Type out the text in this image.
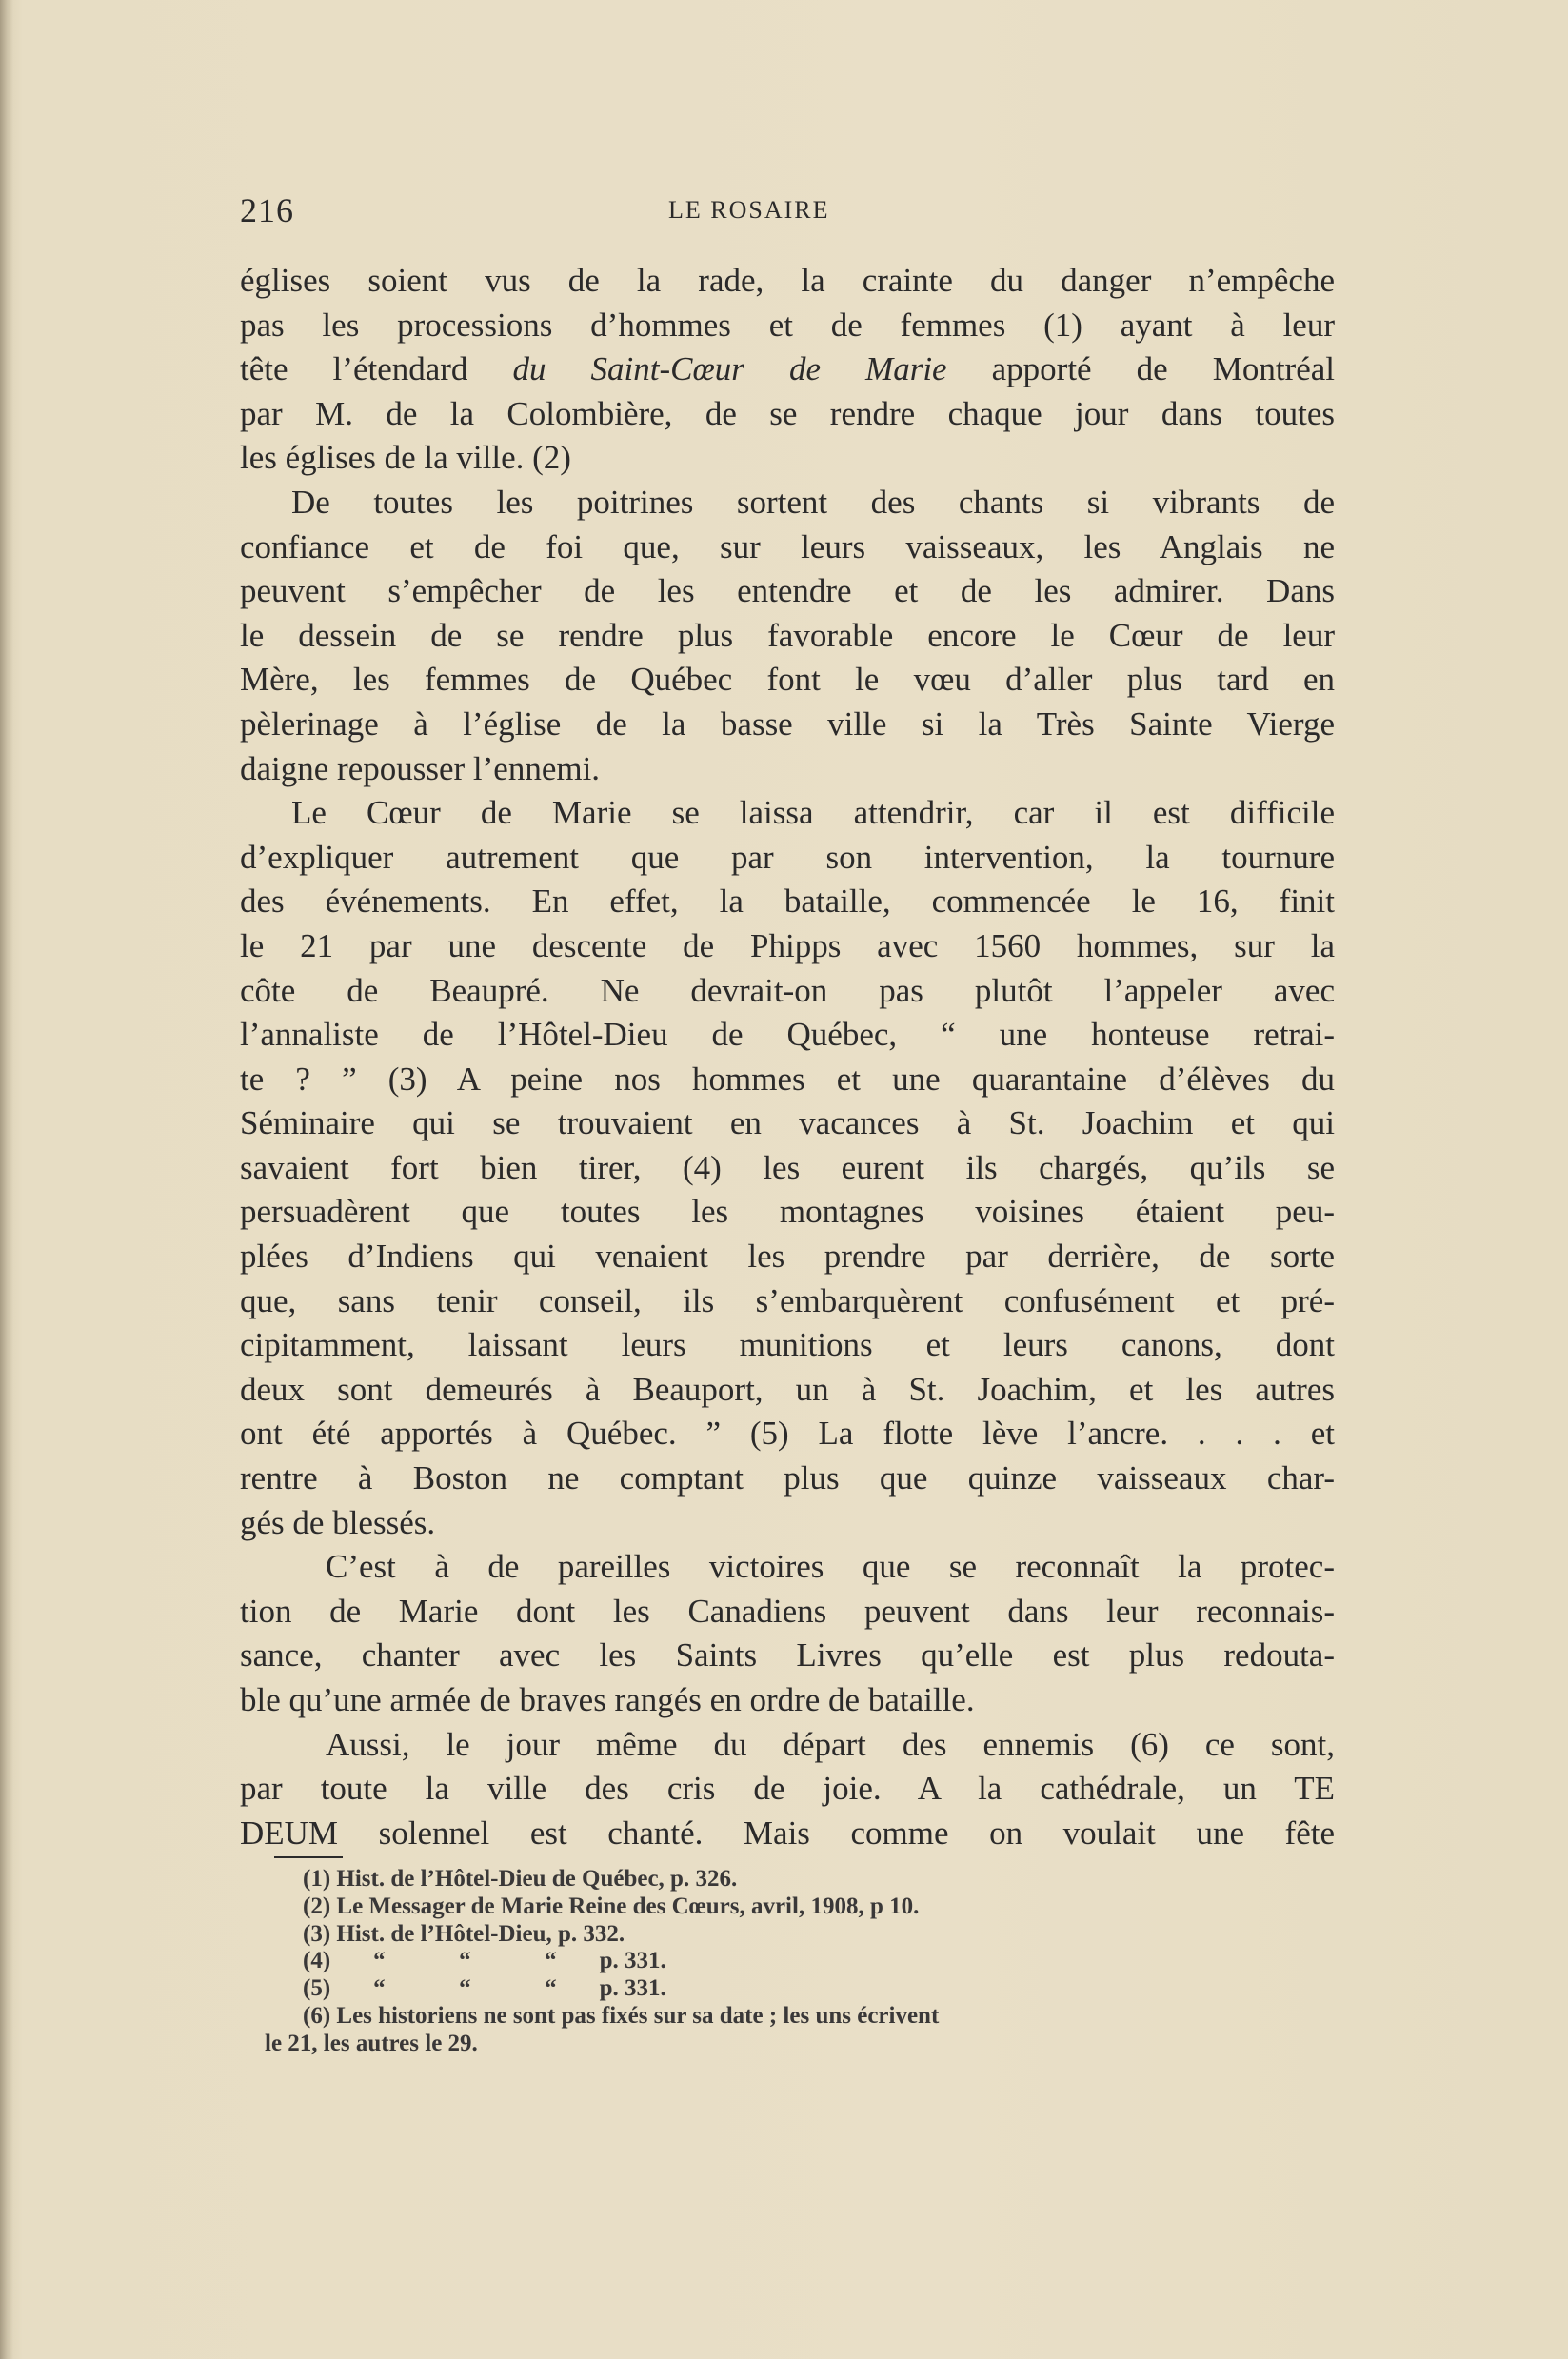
216	LE ROSAIRE
églises soient vus de la rade, la crainte du danger n’empêche
pas les processions d’hommes et de femmes (1) ayant à leur
tête l’étendard du Saint-Cœur de Marie apporté de Montréal
par M. de la Colombière, de se rendre chaque jour dans toutes
les églises de la ville. (2)
De toutes les poitrines sortent des chants si vibrants de
confiance et de foi que, sur leurs vaisseaux, les Anglais ne
peuvent s’empêcher de les entendre et de les admirer. Dans
le dessein de se rendre plus favorable encore le Cœur de leur
Mère, les femmes de Québec font le vœu d’aller plus tard en
pèlerinage à l’église de la basse ville si la Très Sainte Vierge
daigne repousser l’ennemi.
Le Cœur de Marie se laissa attendrir, car il est difficile
d’expliquer autrement que par son intervention, la tournure
des événements. En effet, la bataille, commencée le 16, finit
le 21 par une descente de Phipps avec 1560 hommes, sur la
côte de Beaupré. Ne devrait-on pas plutôt l’appeler avec
l’annaliste de l’Hôtel-Dieu de Québec, “ une honteuse retrai-
te ? ” (3) A peine nos hommes et une quarantaine d’élèves du
Séminaire qui se trouvaient en vacances à St. Joachim et qui
savaient fort bien tirer, (4) les eurent ils chargés, qu’ils se
persuadèrent que toutes les montagnes voisines étaient peu-
plées d’Indiens qui venaient les prendre par derrière, de sorte
que, sans tenir conseil, ils s’embarquèrent confusément et pré-
cipitamment, laissant leurs munitions et leurs canons, dont
deux sont demeurés à Beauport, un à St. Joachim, et les autres
ont été apportés à Québec. ” (5) La flotte lève l’ancre. . . . et
rentre à Boston ne comptant plus que quinze vaisseaux char-
gés de blessés.
C’est à de pareilles victoires que se reconnaît la protec-
tion de Marie dont les Canadiens peuvent dans leur reconnais-
sance, chanter avec les Saints Livres qu’elle est plus redouta-
ble qu’une armée de braves rangés en ordre de bataille.
Aussi, le jour même du départ des ennemis (6) ce sont,
par toute la ville des cris de joie. A la cathédrale, un TE
DEUM solennel est chanté. Mais comme on voulait une fête
(1) Hist. de l’Hôtel-Dieu de Québec, p. 326.
(2) Le Messager de Marie Reine des Cœurs, avril, 1908, p 10.
(3) Hist. de l’Hôtel-Dieu, p. 332.
(4) “	“	“ p. 331.
(5) “	“	“ p. 331.
(6) Les historiens ne sont pas fixés sur sa date ; les uns écrivent
le 21, les autres le 29.
